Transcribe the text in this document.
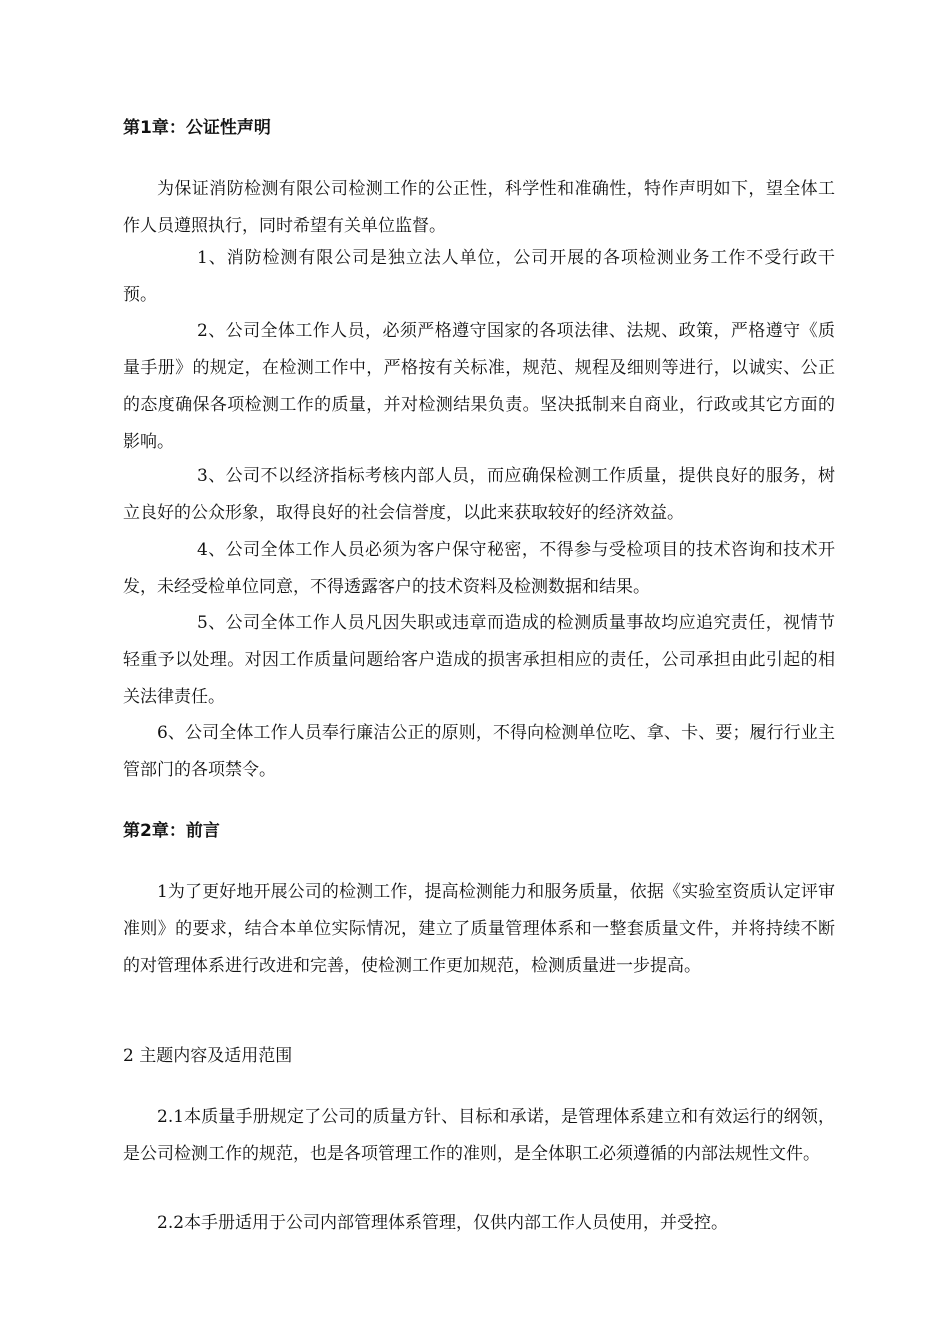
第1章：公证性声明

为保证消防检测有限公司检测工作的公正性，科学性和准确性，特作声明如下，望全体工作人员遵照执行，同时希望有关单位监督。

1、消防检测有限公司是独立法人单位，公司开展的各项检测业务工作不受行政干预。

2、公司全体工作人员，必须严格遵守国家的各项法律、法规、政策，严格遵守《质量手册》的规定，在检测工作中，严格按有关标准，规范、规程及细则等进行，以诚实、公正的态度确保各项检测工作的质量，并对检测结果负责。坚决抵制来自商业，行政或其它方面的影响。

3、公司不以经济指标考核内部人员，而应确保检测工作质量，提供良好的服务，树立良好的公众形象，取得良好的社会信誉度，以此来获取较好的经济效益。

4、公司全体工作人员必须为客户保守秘密，不得参与受检项目的技术咨询和技术开发，未经受检单位同意，不得透露客户的技术资料及检测数据和结果。

5、公司全体工作人员凡因失职或违章而造成的检测质量事故均应追究责任，视情节轻重予以处理。对因工作质量问题给客户造成的损害承担相应的责任，公司承担由此引起的相关法律责任。

6、公司全体工作人员奉行廉洁公正的原则，不得向检测单位吃、拿、卡、要；履行行业主管部门的各项禁令。

第2章：前言

1为了更好地开展公司的检测工作，提高检测能力和服务质量，依据《实验室资质认定评审准则》的要求，结合本单位实际情况，建立了质量管理体系和一整套质量文件，并将持续不断的对管理体系进行改进和完善，使检测工作更加规范，检测质量进一步提高。

2 主题内容及适用范围

2.1本质量手册规定了公司的质量方针、目标和承诺，是管理体系建立和有效运行的纲领，是公司检测工作的规范，也是各项管理工作的准则，是全体职工必须遵循的内部法规性文件。

2.2本手册适用于公司内部管理体系管理，仅供内部工作人员使用，并受控。
